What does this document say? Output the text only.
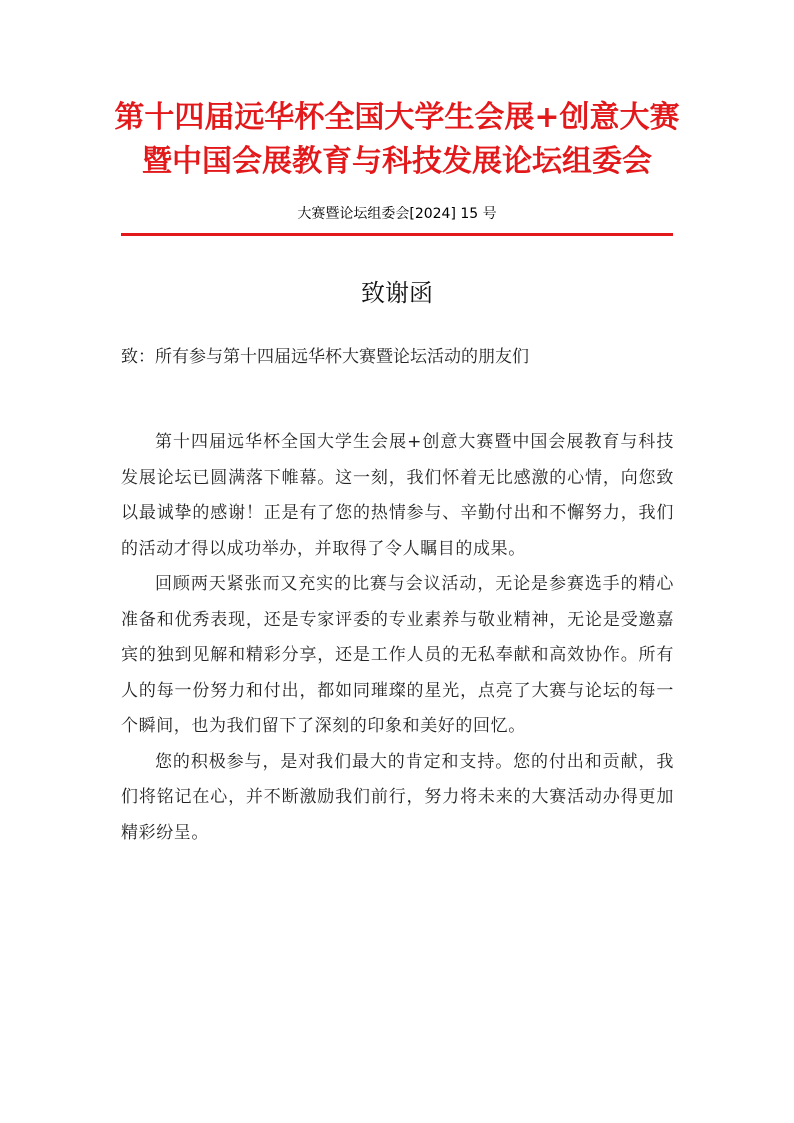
第十四届远华杯全国大学生会展+创意大赛
暨中国会展教育与科技发展论坛组委会
大赛暨论坛组委会[2024] 15 号
致谢函
致：所有参与第十四届远华杯大赛暨论坛活动的朋友们

第十四届远华杯全国大学生会展+创意大赛暨中国会展教育与科技发展论坛已圆满落下帷幕。这一刻，我们怀着无比感激的心情，向您致以最诚挚的感谢！正是有了您的热情参与、辛勤付出和不懈努力，我们的活动才得以成功举办，并取得了令人瞩目的成果。

回顾两天紧张而又充实的比赛与会议活动，无论是参赛选手的精心准备和优秀表现，还是专家评委的专业素养与敬业精神，无论是受邀嘉宾的独到见解和精彩分享，还是工作人员的无私奉献和高效协作。所有人的每一份努力和付出，都如同璀璨的星光，点亮了大赛与论坛的每一个瞬间，也为我们留下了深刻的印象和美好的回忆。

您的积极参与，是对我们最大的肯定和支持。您的付出和贡献，我们将铭记在心，并不断激励我们前行，努力将未来的大赛活动办得更加精彩纷呈。
